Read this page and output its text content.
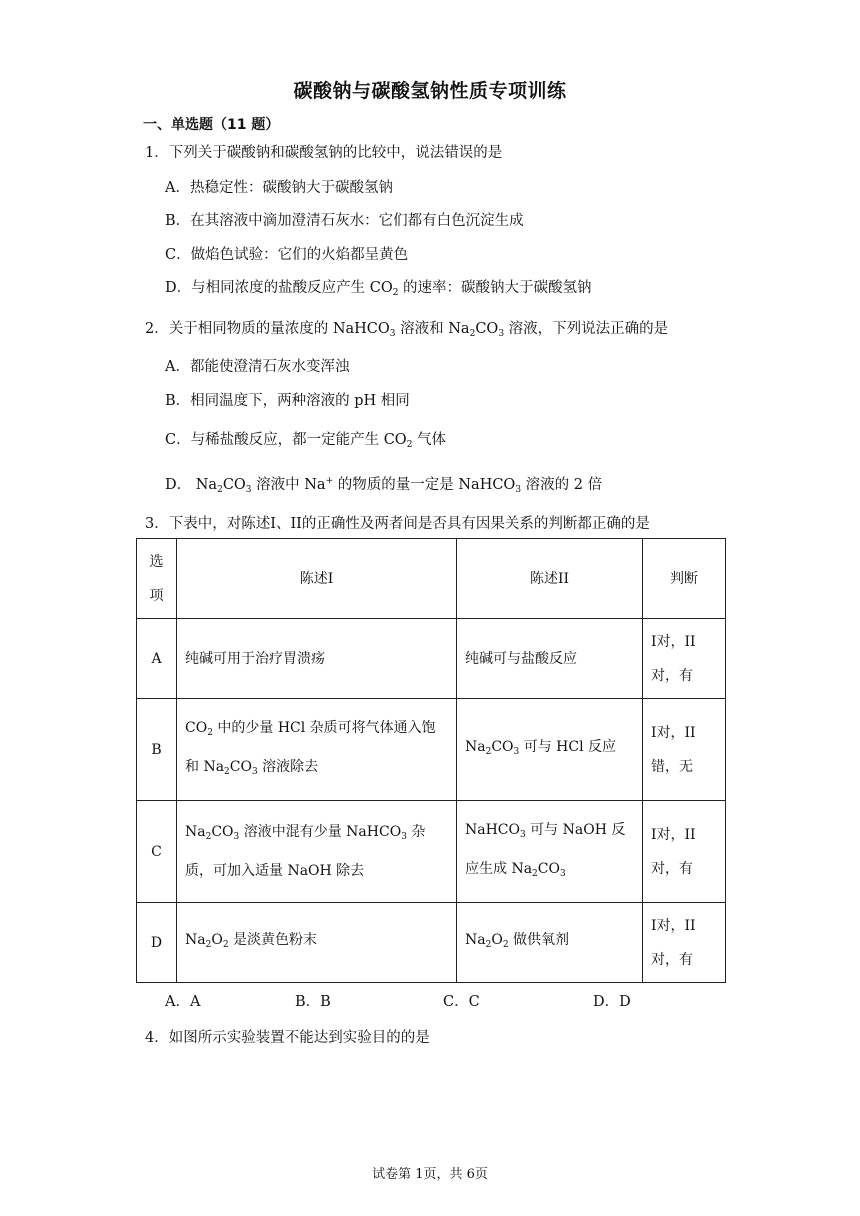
碳酸钠与碳酸氢钠性质专项训练
一、单选题（11 题）
1．下列关于碳酸钠和碳酸氢钠的比较中，说法错误的是
A．热稳定性：碳酸钠大于碳酸氢钠
B．在其溶液中滴加澄清石灰水：它们都有白色沉淀生成
C．做焰色试验：它们的火焰都呈黄色
D．与相同浓度的盐酸反应产生 $CO_2$ 的速率：碳酸钠大于碳酸氢钠
2．关于相同物质的量浓度的 NaHCO$_3$ 溶液和 $Na_2CO_3$ 溶液，下列说法正确的是
A．都能使澄清石灰水变浑浊
B．相同温度下，两种溶液的 pH 相同
C．与稀盐酸反应，都一定能产生 $CO_2$ 气体
D． $Na_2CO_3$ 溶液中 Na+ 的物质的量一定是 NaHCO$_3$ 溶液的 2 倍
3．下表中，对陈述I、II的正确性及两者间是否具有因果关系的判断都正确的是
选项	陈述I	陈述II	判断
A	纯碱可用于治疗胃溃疡	纯碱可与盐酸反应	I对，II对，有
B	$CO_2$ 中的少量 HCl 杂质可将气体通入饱和 $Na_2CO_3$ 溶液除去	$Na_2CO_3$ 可与 HCl 反应	I对，II错，无
C	$Na_2CO_3$ 溶液中混有少量 NaHCO$_3$ 杂质，可加入适量 NaOH 除去	NaHCO$_3$ 可与 NaOH 反应生成 $Na_2CO_3$	I对，II对，有
D	$Na_2O_2$ 是淡黄色粉末	$Na_2O_2$ 做供氧剂	I对，II对，有
A．A	B．B	C．C	D．D
4．如图所示实验装置不能达到实验目的的是
试卷第 1页，共 6页
